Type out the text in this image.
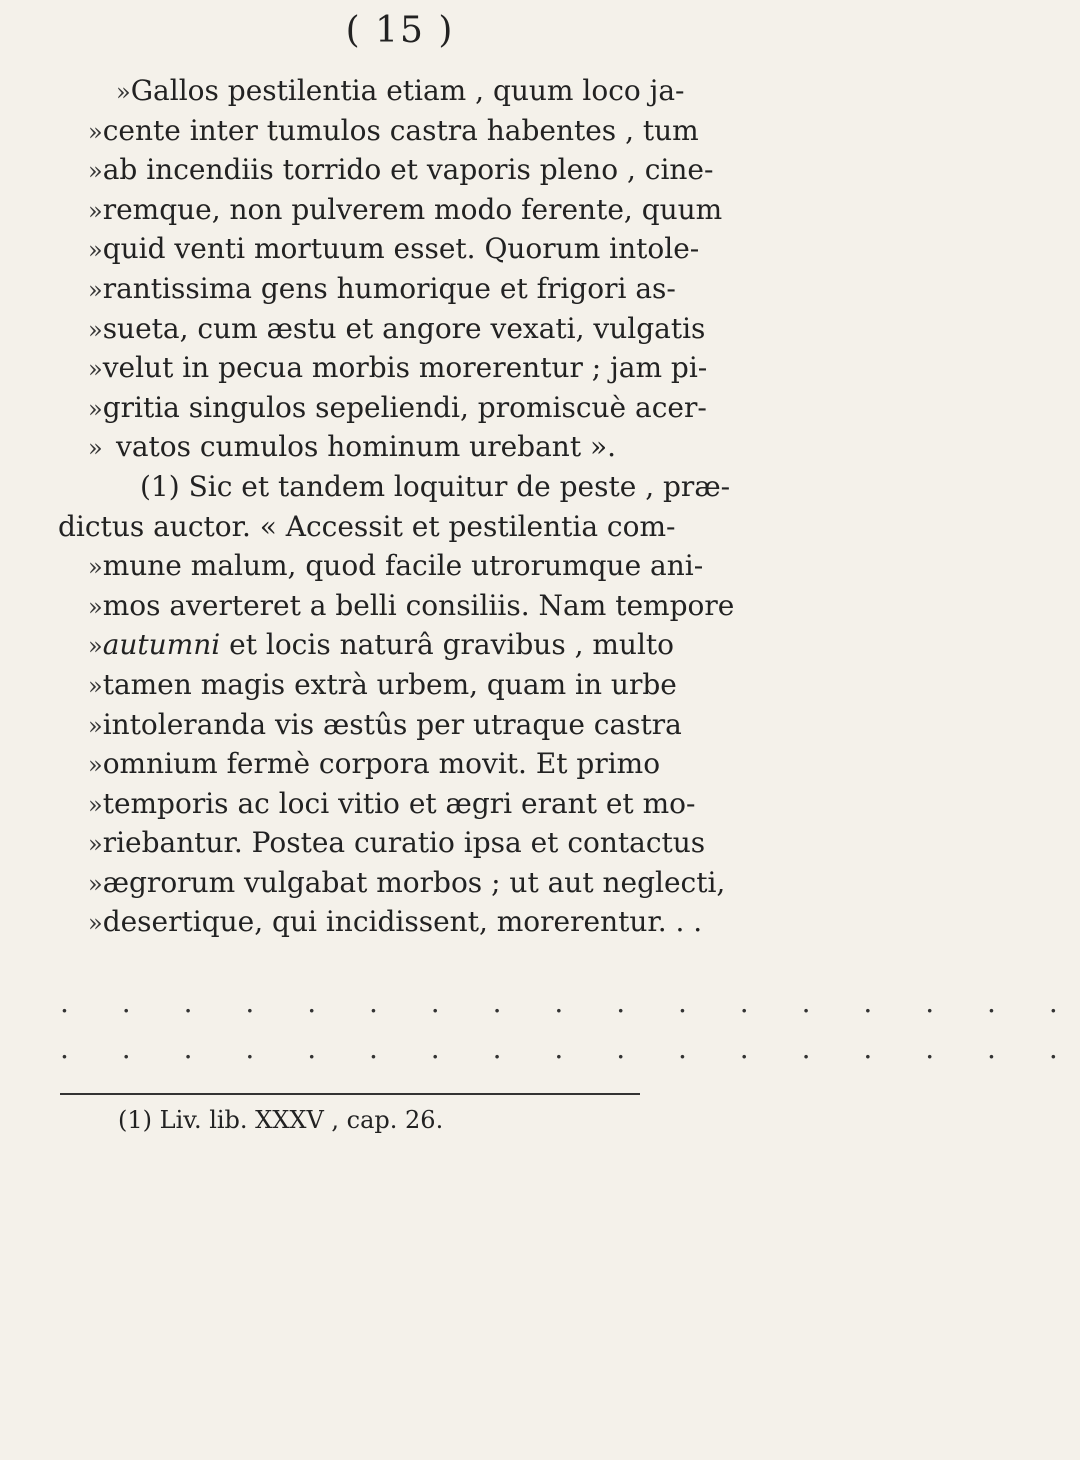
( 15 )
» Gallos pestilentia etiam , quum loco ja-
» cente inter tumulos castra habentes , tum
» ab incendiis torrido et vaporis pleno , cine-
» remque, non pulverem modo ferente, quum
» quid venti mortuum esset. Quorum intole-
» rantissima gens humorique et frigori as-
» sueta, cum æstu et angore vexati, vulgatis
» velut in pecua morbis morerentur ; jam pi-
» gritia singulos sepeliendi, promiscuè acer-
» vatos cumulos hominum urebant ».
(1) Sic et tandem loquitur de peste , præ-
dictus auctor. « Accessit et pestilentia com-
» mune malum, quod facile utrorumque ani-
» mos averteret a belli consiliis. Nam tempore
» autumni et locis naturâ gravibus , multo
» tamen magis extrà urbem, quam in urbe
» intoleranda vis æstûs per utraque castra
» omnium fermè corpora movit. Et primo
» temporis ac loci vitio et ægri erant et mo-
» riebantur. Postea curatio ipsa et contactus
» ægrorum vulgabat morbos ; ut aut neglecti,
» desertique, qui incidissent, morerentur. . .
. . . . . . . . . . . . . . . . .
. . . . . . . . . . . . . . . . .
(1) Liv. lib. XXXV , cap. 26.
